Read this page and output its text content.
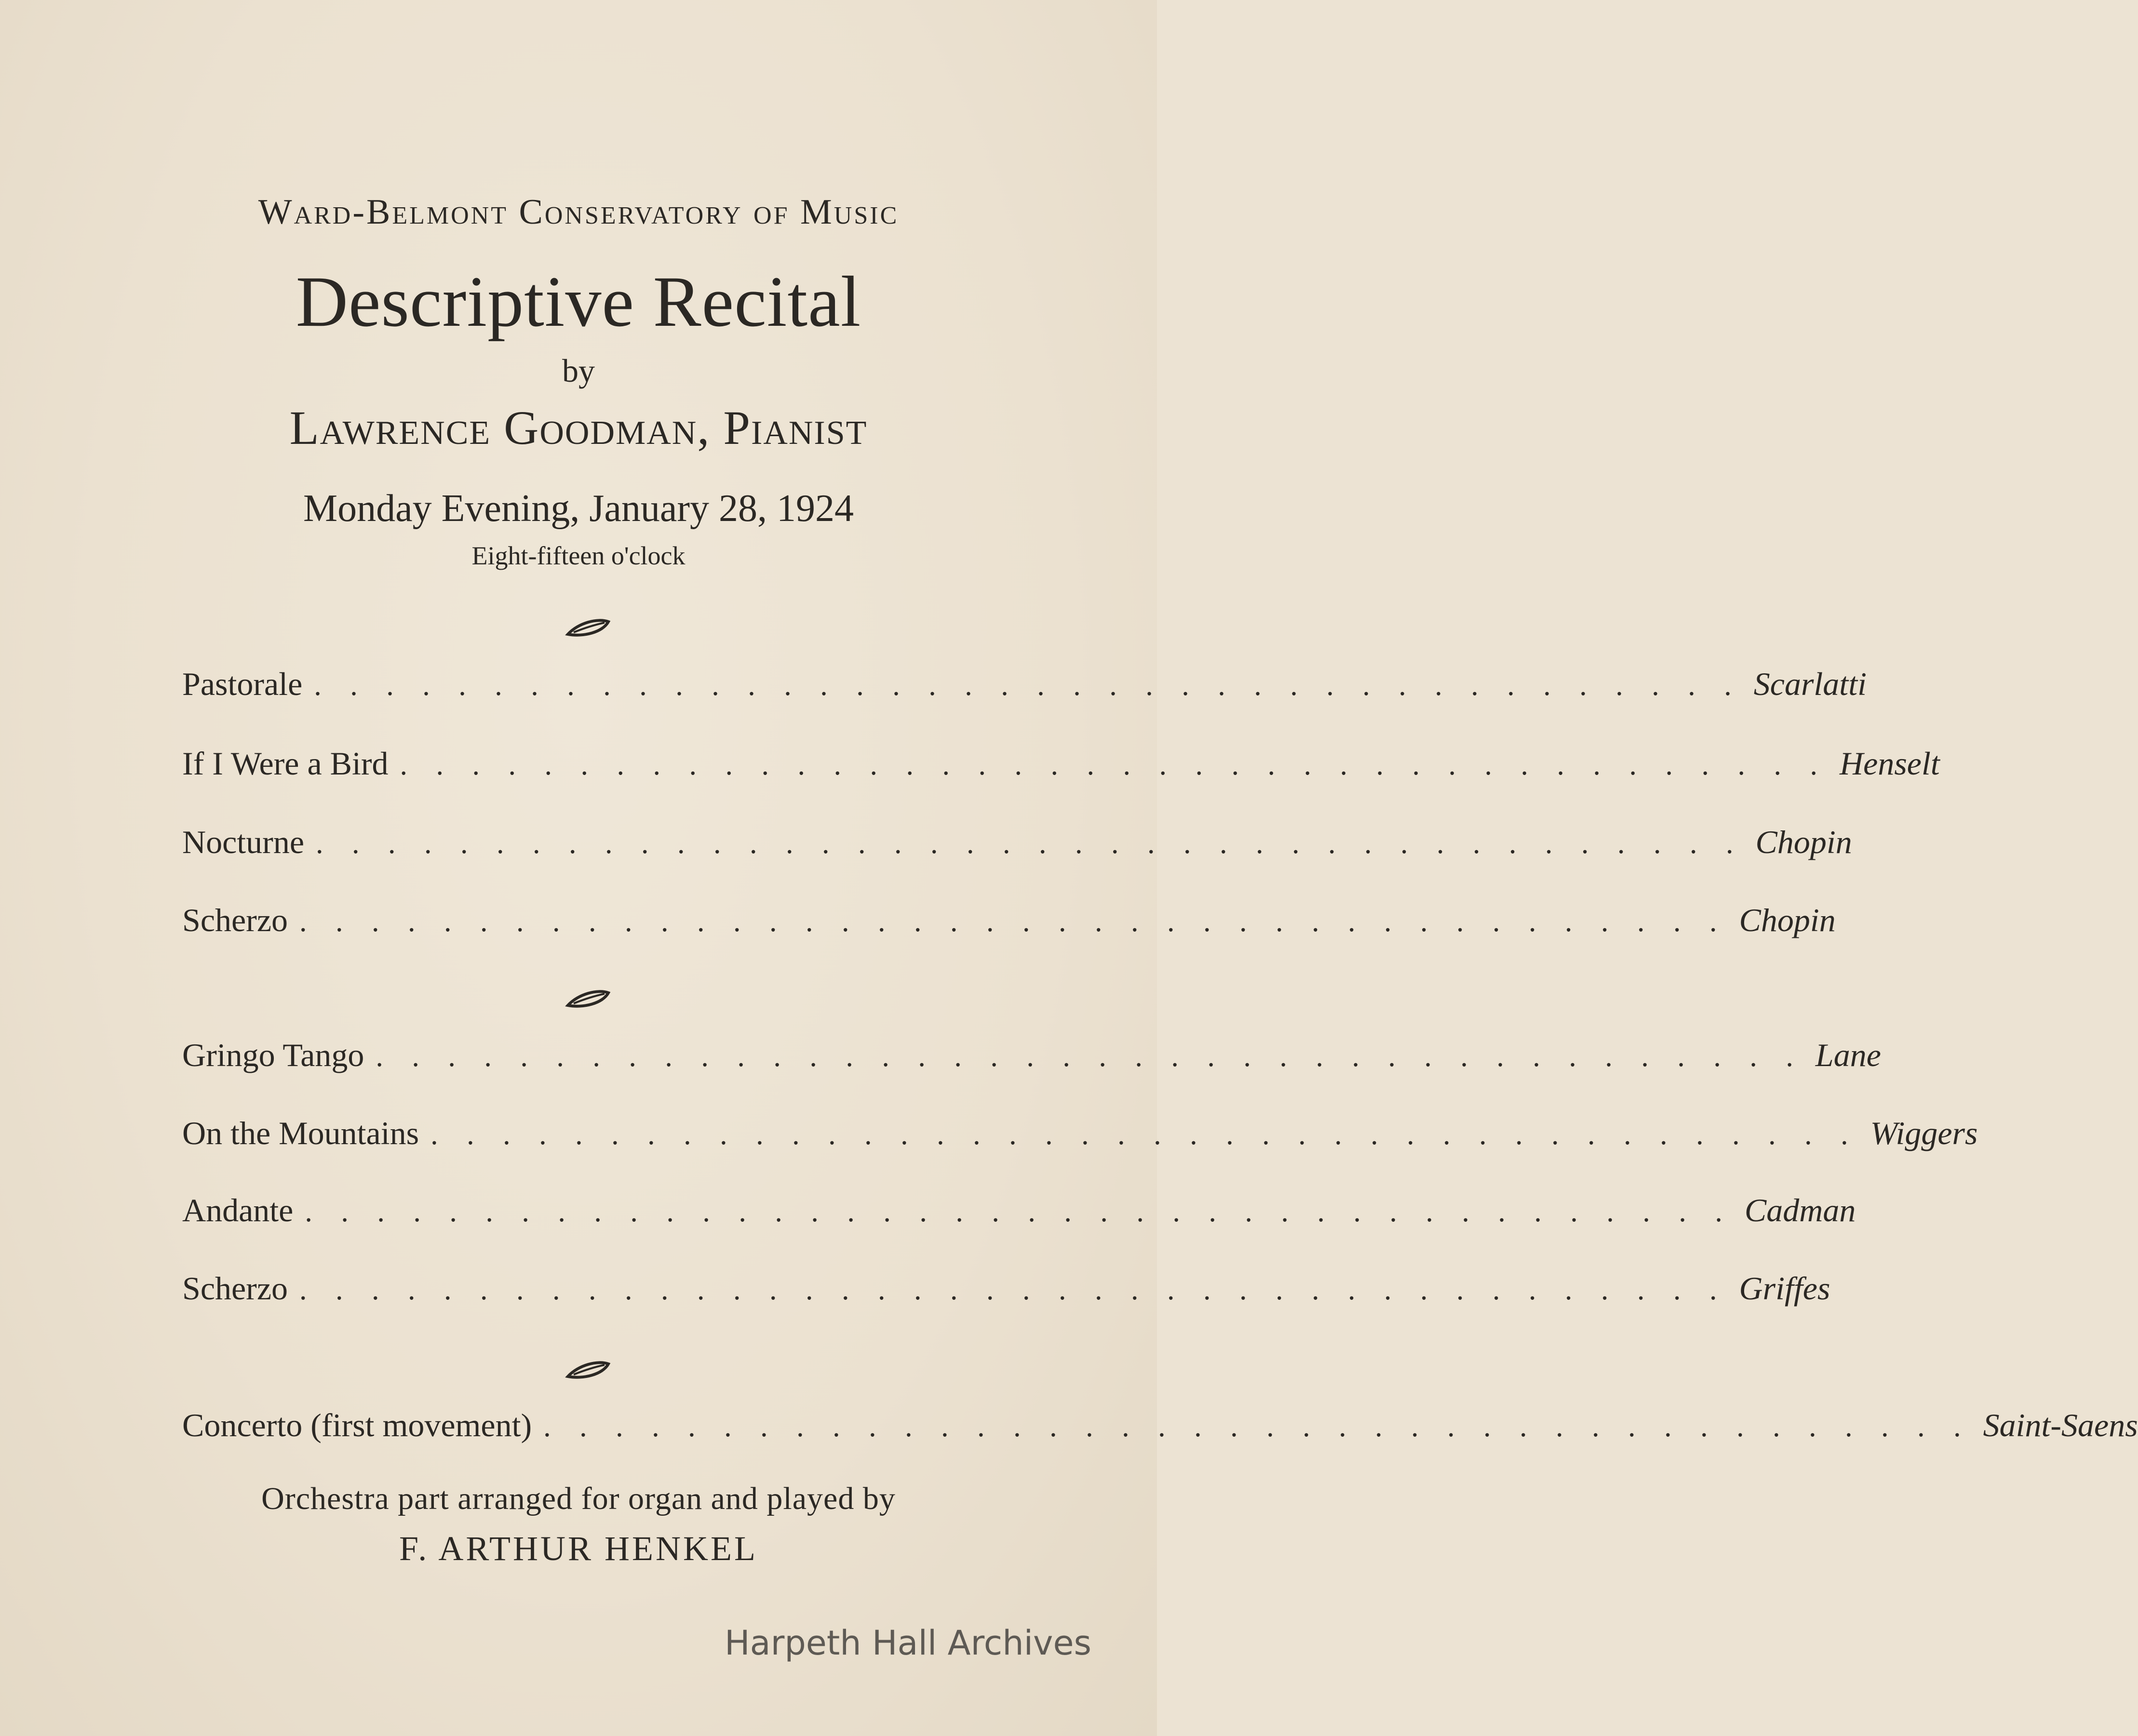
Ward-Belmont Conservatory of Music
Descriptive Recital
by
Lawrence Goodman, Pianist
Monday Evening, January 28, 1924
Eight-fifteen o'clock
Pastorale . . . . . . . . . . . . . . . . . . . . . . . . . . . . . . . . . . . . . . . . Scarlatti
If I Were a Bird . . . . . . . . . . . . . . . . . . . . . . . . . . . . . . . . . . . . . . . . Henselt
Nocturne . . . . . . . . . . . . . . . . . . . . . . . . . . . . . . . . . . . . . . . . Chopin
Scherzo . . . . . . . . . . . . . . . . . . . . . . . . . . . . . . . . . . . . . . . . Chopin
Gringo Tango . . . . . . . . . . . . . . . . . . . . . . . . . . . . . . . . . . . . . . . . Lane
On the Mountains . . . . . . . . . . . . . . . . . . . . . . . . . . . . . . . . . . . . . . . . Wiggers
Andante . . . . . . . . . . . . . . . . . . . . . . . . . . . . . . . . . . . . . . . . Cadman
Scherzo . . . . . . . . . . . . . . . . . . . . . . . . . . . . . . . . . . . . . . . . Griffes
Concerto (first movement) . . . . . . . . . . . . . . . . . . . . . . . . . . . . . . . . . . . . . . . . Saint-Saens
Orchestra part arranged for organ and played by
F. ARTHUR HENKEL
Harpeth Hall Archives
